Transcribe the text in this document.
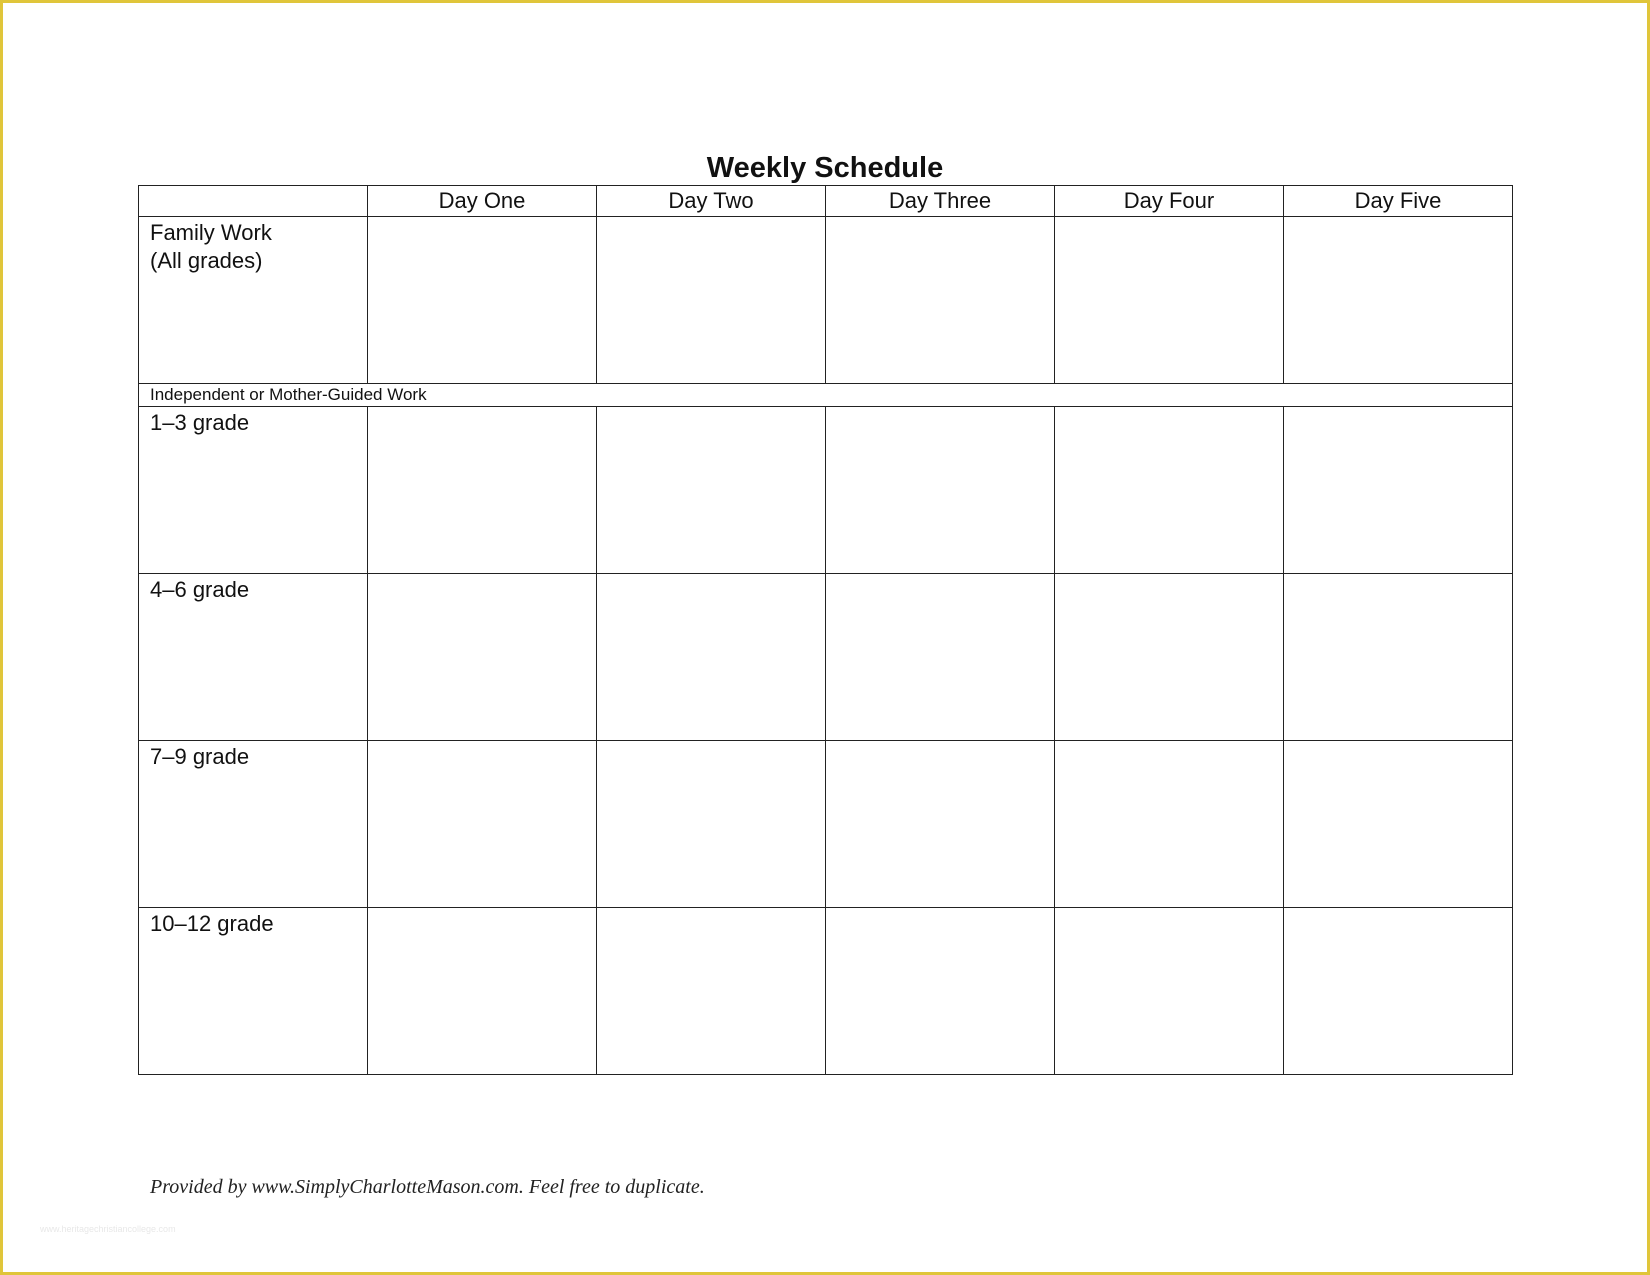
Weekly Schedule
	Day One	Day Two	Day Three	Day Four	Day Five

Family Work
(All grades)					

Independent or Mother-Guided Work					
1–3 grade					
4–6 grade					
7–9 grade					
10–12 grade					
Provided by www.SimplyCharlotteMason.com. Feel free to duplicate.
www.heritagechristiancollege.com
